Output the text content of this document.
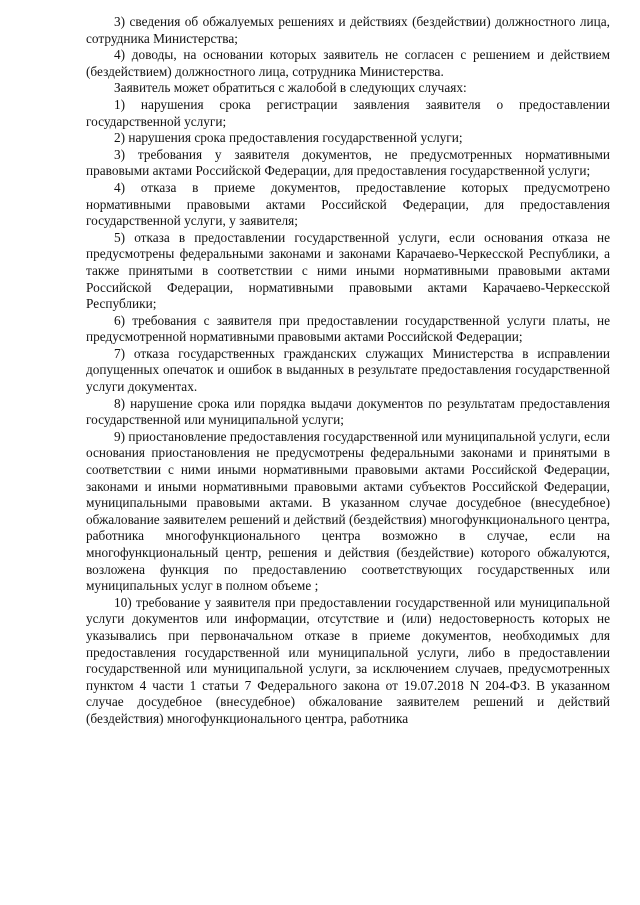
3) сведения об обжалуемых решениях и действиях (бездействии) должностного лица, сотрудника Министерства;

4) доводы, на основании которых заявитель не согласен с решением и действием (бездействием) должностного лица, сотрудника Министерства.

Заявитель может обратиться с жалобой в следующих случаях:

1) нарушения срока регистрации заявления заявителя о предоставлении государственной услуги;

2) нарушения срока предоставления государственной услуги;

3) требования у заявителя документов, не предусмотренных нормативными правовыми актами Российской Федерации, для предоставления государственной услуги;

4) отказа в приеме документов, предоставление которых предусмотрено нормативными правовыми актами Российской Федерации, для предоставления государственной услуги, у заявителя;

5) отказа в предоставлении государственной услуги, если основания отказа не предусмотрены федеральными законами и законами Карачаево-Черкесской Республики, а также принятыми в соответствии с ними иными нормативными правовыми актами Российской Федерации, нормативными правовыми актами Карачаево-Черкесской Республики;

6) требования с заявителя при предоставлении государственной услуги платы, не предусмотренной нормативными правовыми актами Российской Федерации;

7) отказа государственных гражданских служащих Министерства в исправлении допущенных опечаток и ошибок в выданных в результате предоставления государственной услуги документах.

8) нарушение срока или порядка выдачи документов по результатам предоставления государственной или муниципальной услуги;

9) приостановление предоставления государственной или муниципальной услуги, если основания приостановления не предусмотрены федеральными законами и принятыми в соответствии с ними иными нормативными правовыми актами Российской Федерации, законами и иными нормативными правовыми актами субъектов Российской Федерации, муниципальными правовыми актами. В указанном случае досудебное (внесудебное) обжалование заявителем решений и действий (бездействия) многофункционального центра, работника многофункционального центра возможно в случае, если на многофункциональный центр, решения и действия (бездействие) которого обжалуются, возложена функция по предоставлению соответствующих государственных или муниципальных услуг в полном объеме ;

10) требование у заявителя при предоставлении государственной или муниципальной услуги документов или информации, отсутствие и (или) недостоверность которых не указывались при первоначальном отказе в приеме документов, необходимых для предоставления государственной или муниципальной услуги, либо в предоставлении государственной или муниципальной услуги, за исключением случаев, предусмотренных пунктом 4 части 1 статьи 7 Федерального закона от 19.07.2018 N 204-ФЗ. В указанном случае досудебное (внесудебное) обжалование заявителем решений и действий (бездействия) многофункционального центра, работника
